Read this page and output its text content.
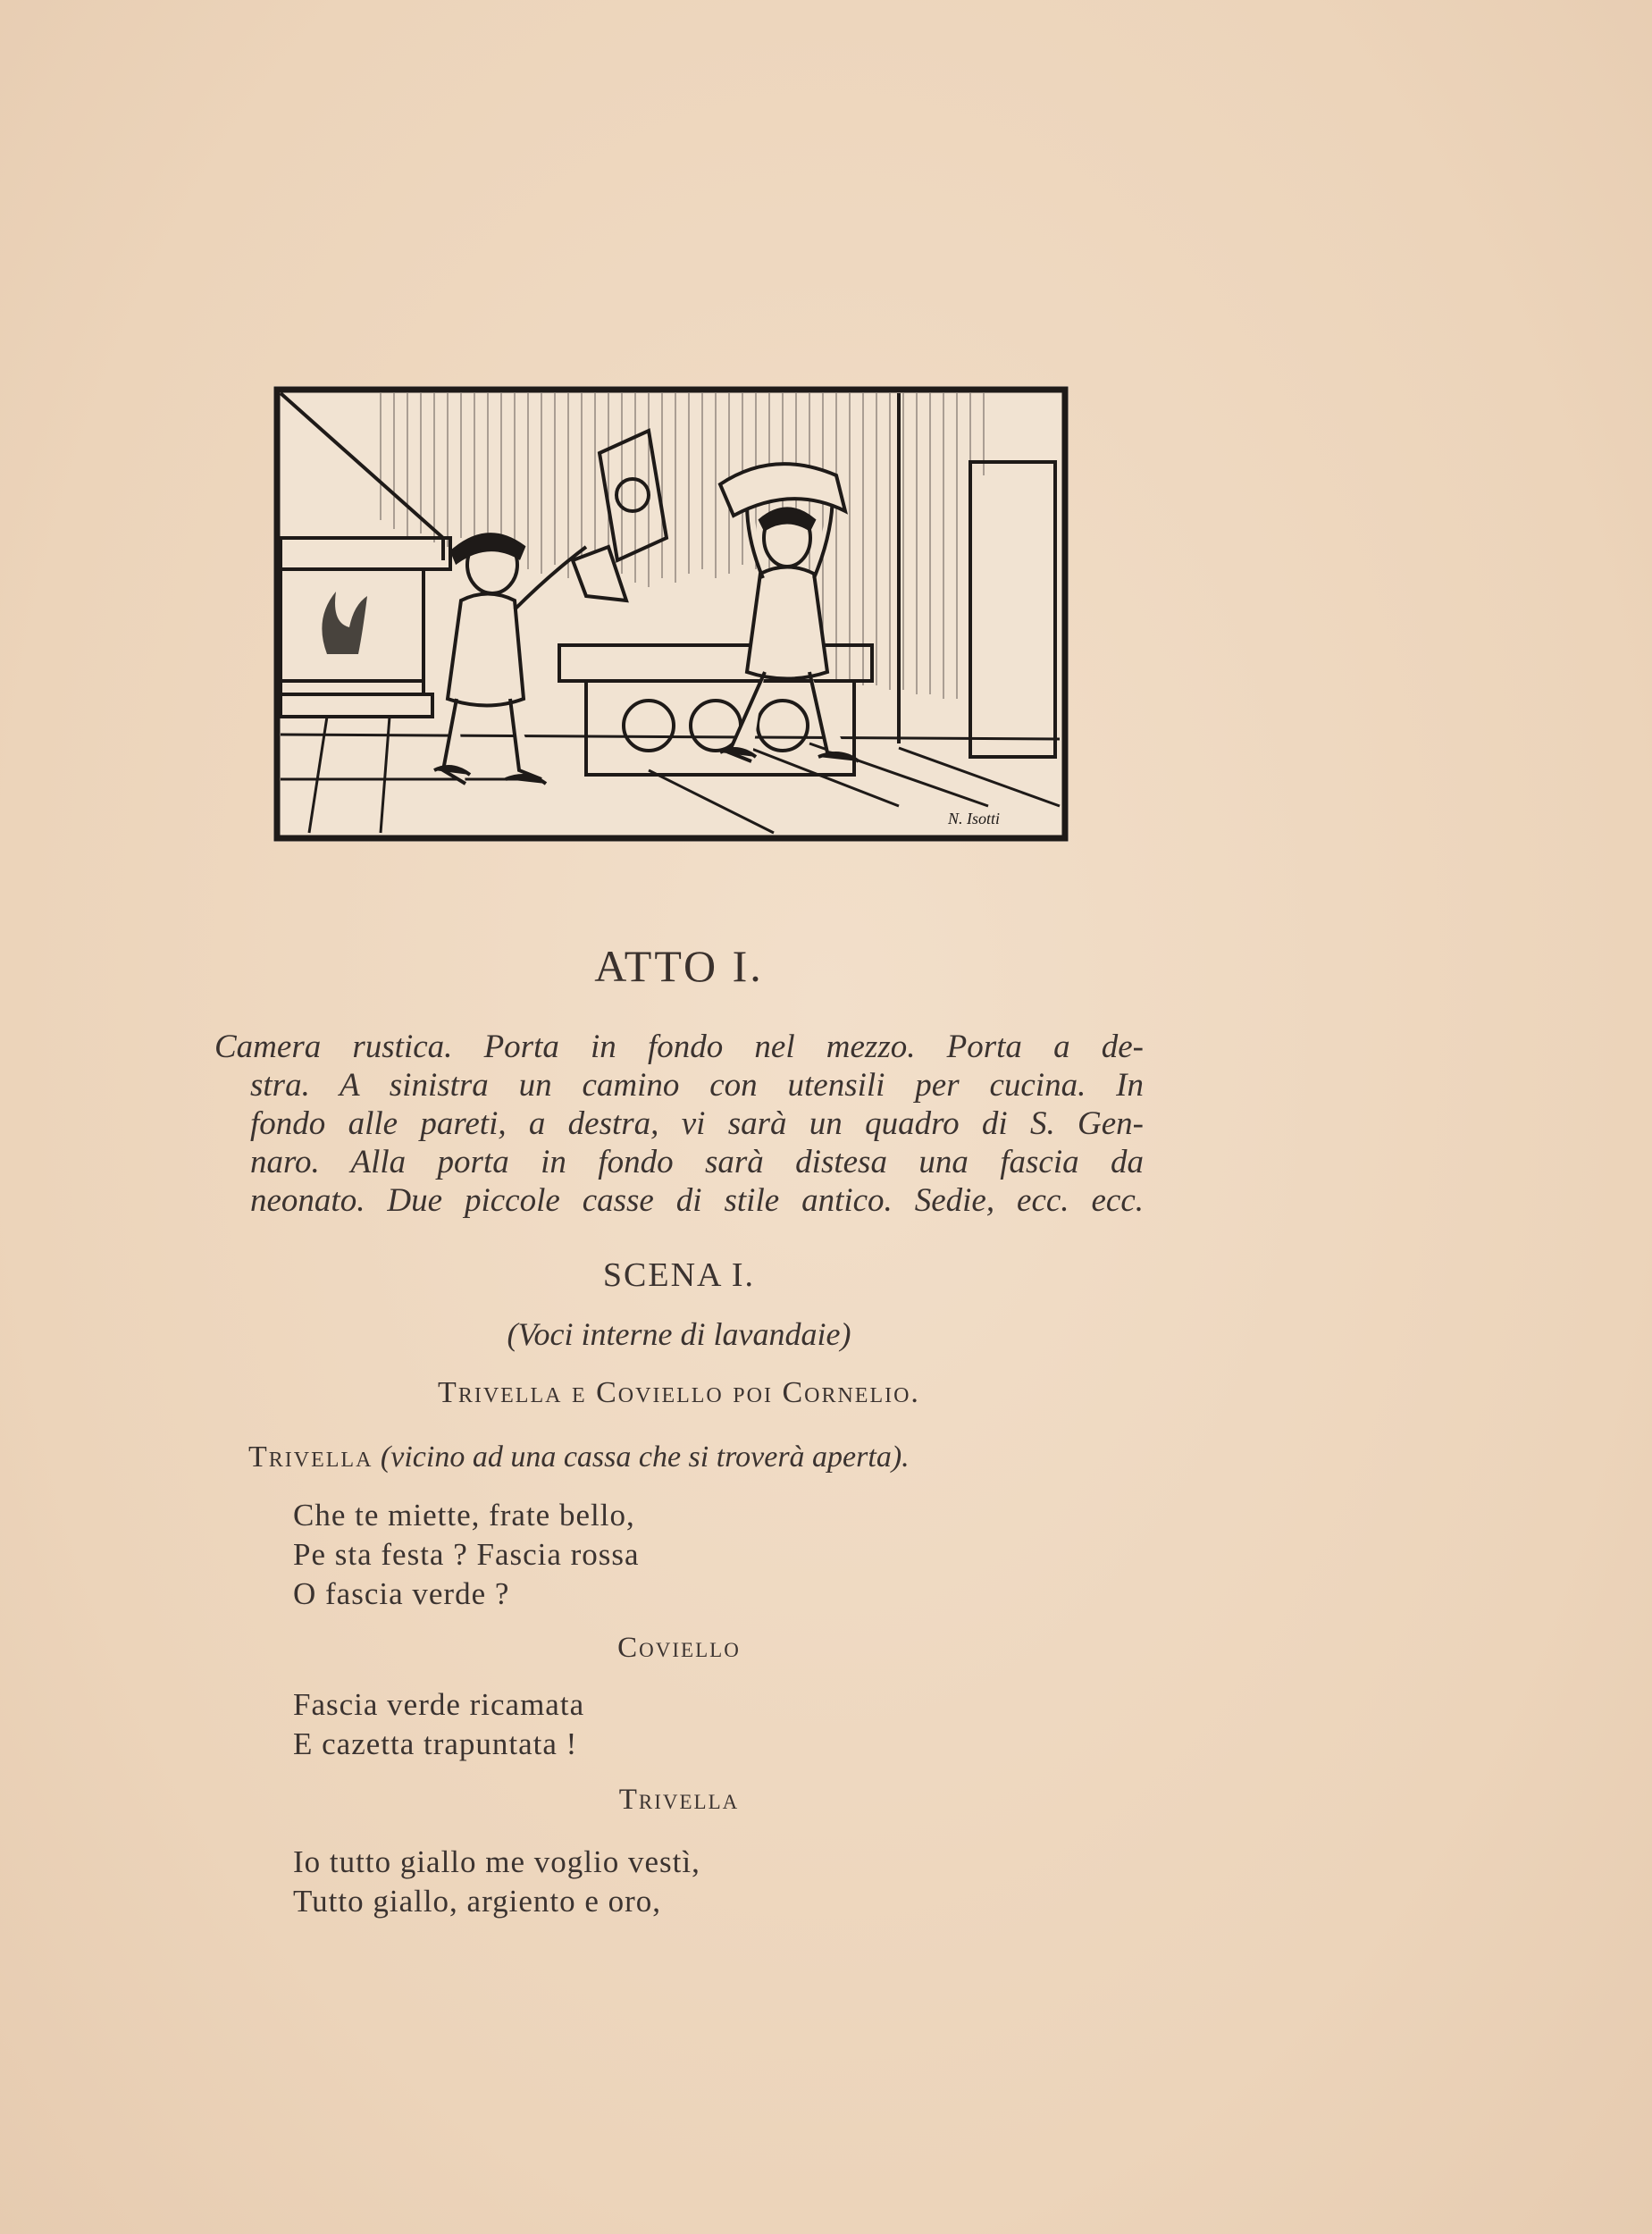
N. Isotti
ATTO I.
Camera rustica. Porta in fondo nel mezzo. Porta a de-
stra. A sinistra un camino con utensili per cucina. In
fondo alle pareti, a destra, vi sarà un quadro di S. Gen-
naro. Alla porta in fondo sarà distesa una fascia da
neonato. Due piccole casse di stile antico. Sedie, ecc. ecc.
SCENA I.
(Voci interne di lavandaie)
Trivella e Coviello poi Cornelio.
Trivella (vicino ad una cassa che si troverà aperta).
Che te miette, frate bello,
Pe sta festa ? Fascia rossa
O fascia verde ?
Coviello
Fascia verde ricamata
E cazetta trapuntata !
Trivella
Io tutto giallo me voglio vestì,
Tutto giallo, argiento e oro,
